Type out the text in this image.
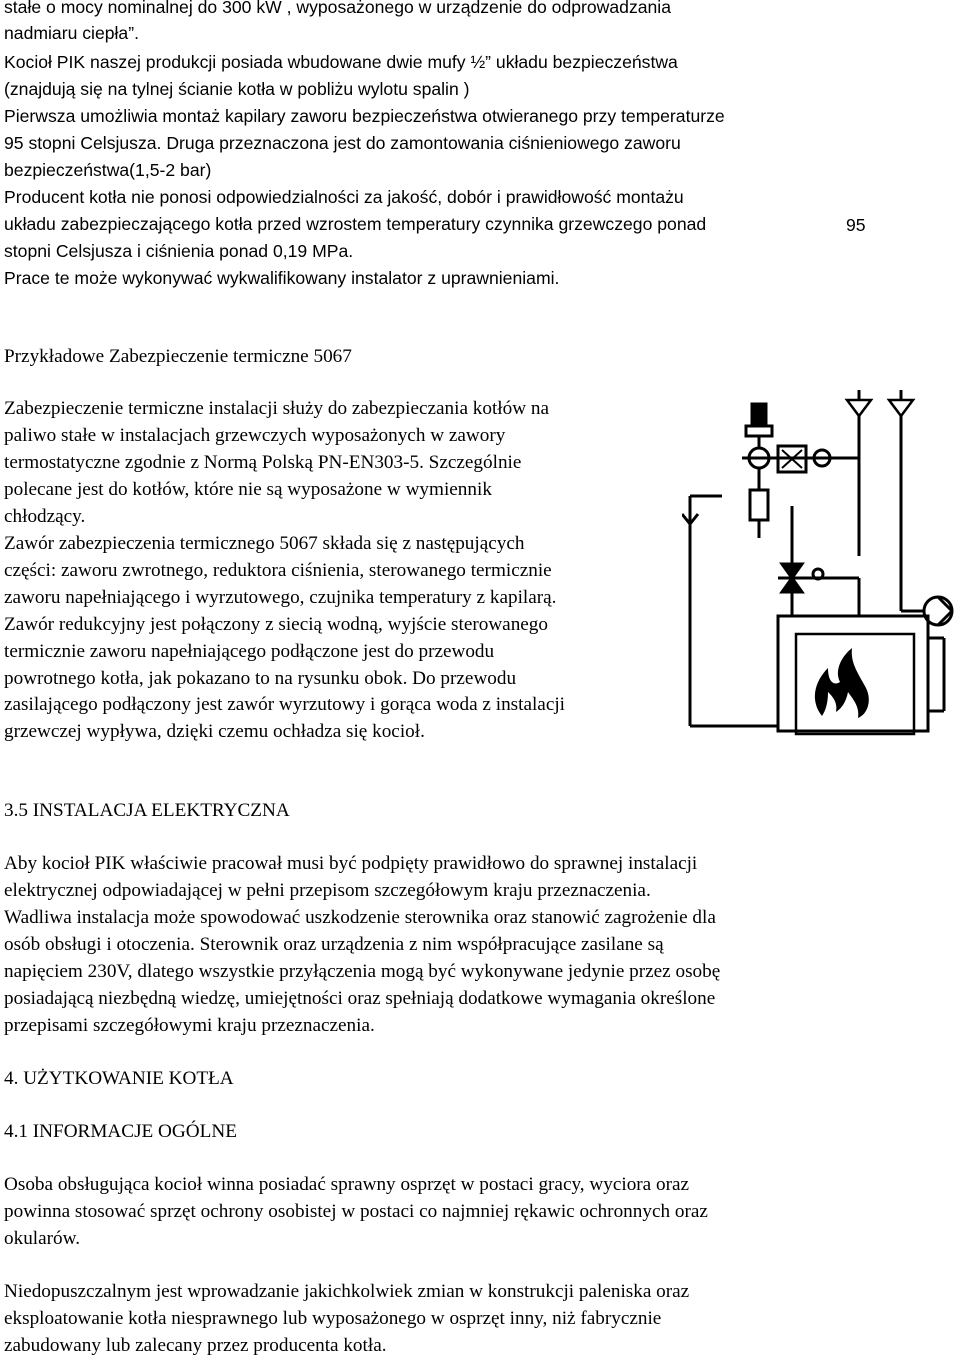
stałe o mocy nominalnej do 300 kW , wyposażonego w urządzenie do odprowadzania
nadmiaru ciepła”.
Kocioł PIK naszej produkcji posiada wbudowane dwie mufy ½” układu bezpieczeństwa
(znajdują się na tylnej ścianie kotła w pobliżu wylotu spalin )
Pierwsza umożliwia montaż kapilary zaworu bezpieczeństwa otwieranego przy temperaturze
95 stopni Celsjusza. Druga przeznaczona jest do zamontowania ciśnieniowego zaworu
bezpieczeństwa(1,5-2 bar)
Producent kotła nie ponosi odpowiedzialności za jakość, dobór i prawidłowość montażu
układu zabezpieczającego kotła przed wzrostem temperatury czynnika grzewczego ponad	95
stopni Celsjusza i ciśnienia ponad 0,19 MPa.
Prace te może wykonywać wykwalifikowany instalator z uprawnieniami.
Przykładowe Zabezpieczenie termiczne 5067
Zabezpieczenie termiczne instalacji służy do zabezpieczania kotłów na
paliwo stałe w instalacjach grzewczych wyposażonych w zawory
termostatyczne zgodnie z Normą Polską PN-EN303-5. Szczególnie
polecane jest do kotłów, które nie są wyposażone w wymiennik
chłodzący.
Zawór zabezpieczenia termicznego 5067 składa się z następujących
części: zaworu zwrotnego, reduktora ciśnienia, sterowanego termicznie
zaworu napełniającego i wyrzutowego, czujnika temperatury z kapilarą.
Zawór redukcyjny jest połączony z siecią wodną, wyjście sterowanego
termicznie zaworu napełniającego podłączone jest do przewodu
powrotnego kotła, jak pokazano to na rysunku obok. Do przewodu
zasilającego podłączony jest zawór wyrzutowy i gorąca woda z instalacji
grzewczej wypływa, dzięki czemu ochładza się kocioł.
3.5 INSTALACJA ELEKTRYCZNA
Aby kocioł PIK właściwie pracował musi być podpięty prawidłowo do sprawnej instalacji
elektrycznej odpowiadającej w pełni przepisom szczegółowym kraju przeznaczenia.
Wadliwa instalacja może spowodować uszkodzenie sterownika oraz stanowić zagrożenie dla
osób obsługi i otoczenia. Sterownik oraz urządzenia z nim współpracujące zasilane są
napięciem 230V, dlatego wszystkie przyłączenia mogą być wykonywane jedynie przez osobę
posiadającą niezbędną wiedzę, umiejętności oraz spełniają dodatkowe wymagania określone
przepisami szczegółowymi kraju przeznaczenia.
4. UŻYTKOWANIE KOTŁA
4.1 INFORMACJE OGÓLNE
Osoba obsługująca kocioł winna posiadać sprawny osprzęt w postaci gracy, wyciora oraz
powinna stosować sprzęt ochrony osobistej w postaci co najmniej rękawic ochronnych oraz
okularów.
Niedopuszczalnym jest wprowadzanie jakichkolwiek zmian w konstrukcji paleniska oraz
eksploatowanie kotła niesprawnego lub wyposażonego w osprzęt inny, niż fabrycznie
zabudowany lub zalecany przez producenta kotła.
